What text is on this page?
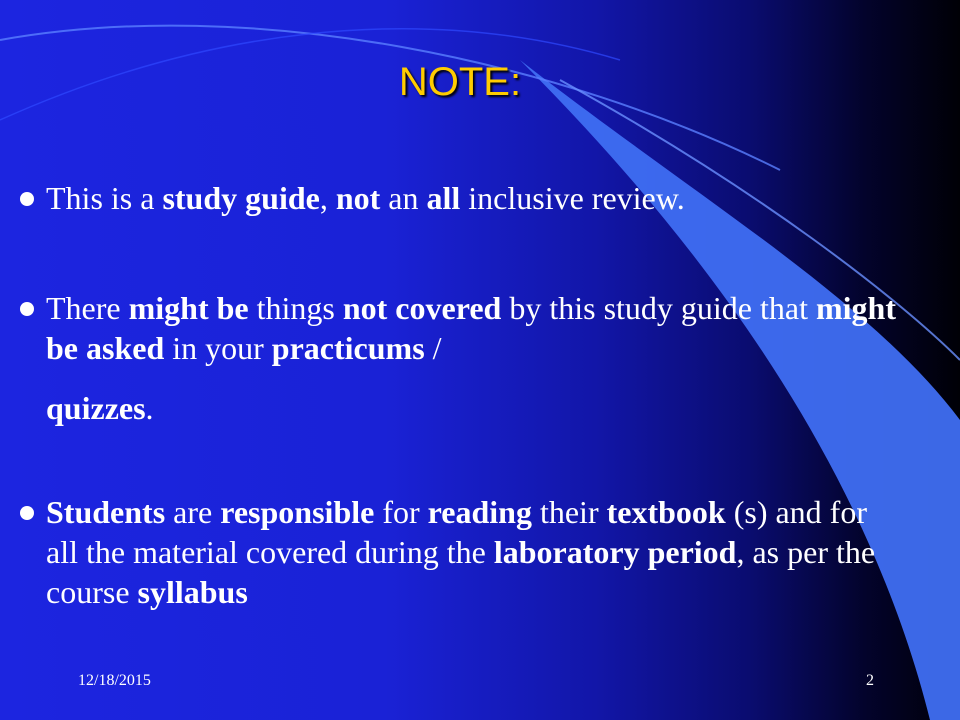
NOTE:
This is a study guide, not an all inclusive review.
There might be things not covered by this study guide that might be asked in your practicums /
quizzes.
Students are responsible for reading their textbook (s) and for all the material covered during the laboratory period, as per the course syllabus
12/18/2015	2
